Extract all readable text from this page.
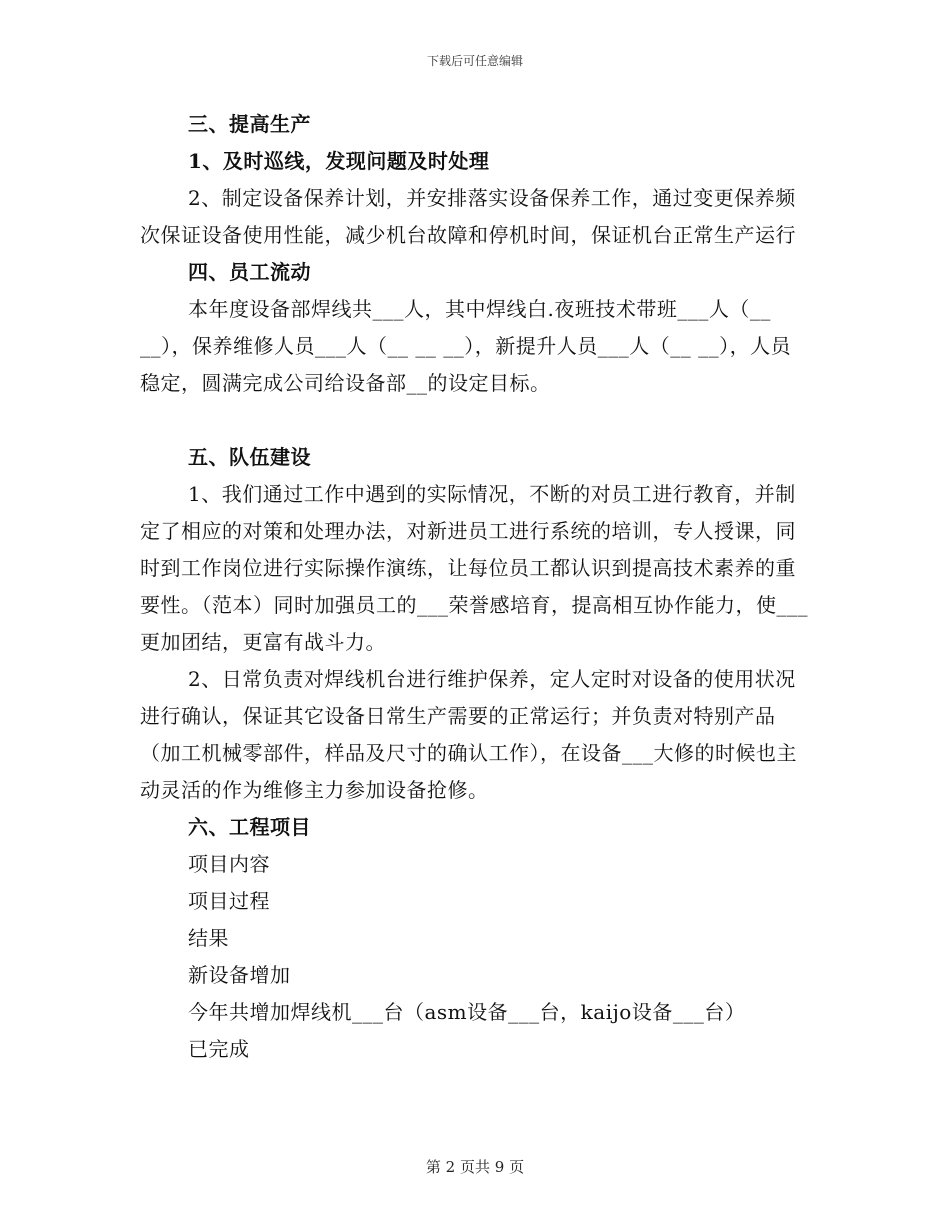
下载后可任意编辑

三、提高生产

1、及时巡线，发现问题及时处理

2、制定设备保养计划，并安排落实设备保养工作，通过变更保养频次保证设备使用性能，减少机台故障和停机时间，保证机台正常生产运行

四、员工流动

本年度设备部焊线共___人，其中焊线白.夜班技术带班___人（__ __），保养维修人员___人（__ __ __），新提升人员___人（__ __），人员稳定，圆满完成公司给设备部__的设定目标。

五、队伍建设

1、我们通过工作中遇到的实际情况，不断的对员工进行教育，并制定了相应的对策和处理办法，对新进员工进行系统的培训，专人授课，同时到工作岗位进行实际操作演练，让每位员工都认识到提高技术素养的重要性。（范本）同时加强员工的___荣誉感培育，提高相互协作能力，使___更加团结，更富有战斗力。

2、日常负责对焊线机台进行维护保养，定人定时对设备的使用状况进行确认，保证其它设备日常生产需要的正常运行；并负责对特别产品（加工机械零部件，样品及尺寸的确认工作），在设备___大修的时候也主动灵活的作为维修主力参加设备抢修。

六、工程项目

项目内容

项目过程

结果

新设备增加

今年共增加焊线机___台（asm设备___台，kaijo设备___台）

已完成

第 2 页共 9 页
